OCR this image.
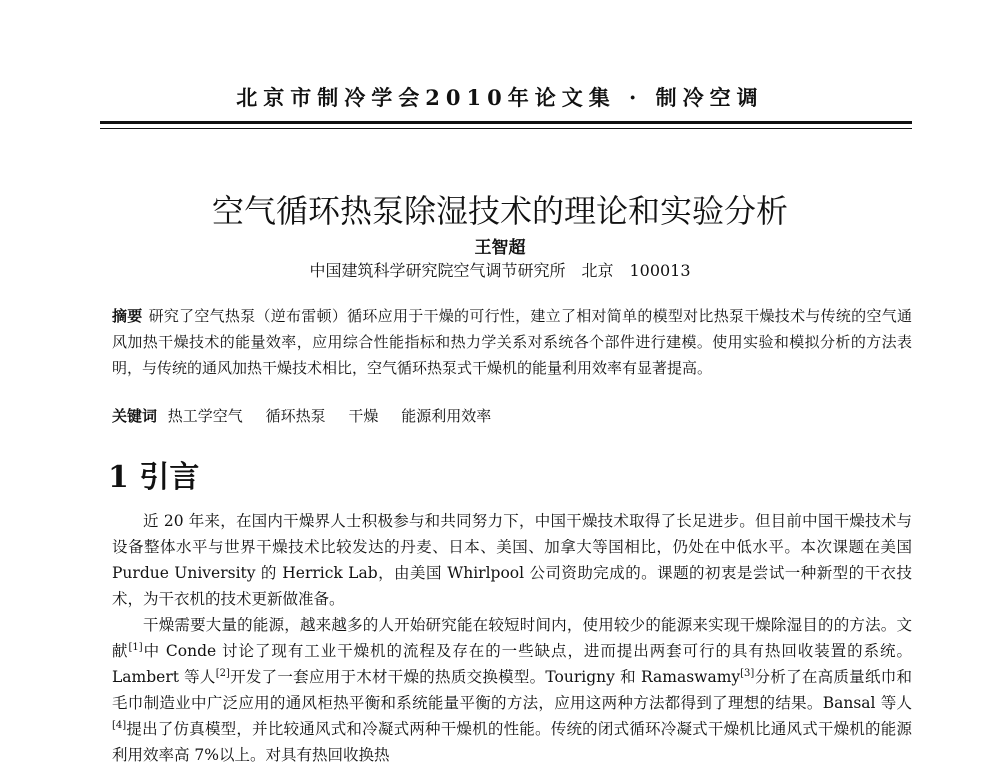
北京市制冷学会2010年论文集 · 制冷空调
空气循环热泵除湿技术的理论和实验分析
王智超
中国建筑科学研究院空气调节研究所　北京　100013
摘要 研究了空气热泵（逆布雷顿）循环应用于干燥的可行性，建立了相对简单的模型对比热泵干燥技术与传统的空气通风加热干燥技术的能量效率，应用综合性能指标和热力学关系对系统各个部件进行建模。使用实验和模拟分析的方法表明，与传统的通风加热干燥技术相比，空气循环热泵式干燥机的能量利用效率有显著提高。
关键词 热工学空气 循环热泵 干燥 能源利用效率
1 引言

近 20 年来，在国内干燥界人士积极参与和共同努力下，中国干燥技术取得了长足进步。但目前中国干燥技术与设备整体水平与世界干燥技术比较发达的丹麦、日本、美国、加拿大等国相比，仍处在中低水平。本次课题在美国 Purdue University 的 Herrick Lab，由美国 Whirlpool 公司资助完成的。课题的初衷是尝试一种新型的干衣技术，为干衣机的技术更新做准备。

干燥需要大量的能源，越来越多的人开始研究能在较短时间内，使用较少的能源来实现干燥除湿目的的方法。文献[1]中 Conde 讨论了现有工业干燥机的流程及存在的一些缺点，进而提出两套可行的具有热回收装置的系统。Lambert 等人[2]开发了一套应用于木材干燥的热质交换模型。Tourigny 和 Ramaswamy[3]分析了在高质量纸巾和毛巾制造业中广泛应用的通风柜热平衡和系统能量平衡的方法，应用这两种方法都得到了理想的结果。Bansal 等人[4]提出了仿真模型，并比较通风式和冷凝式两种干燥机的性能。传统的闭式循环冷凝式干燥机比通风式干燥机的能源利用效率高 7%以上。对具有热回收换热
